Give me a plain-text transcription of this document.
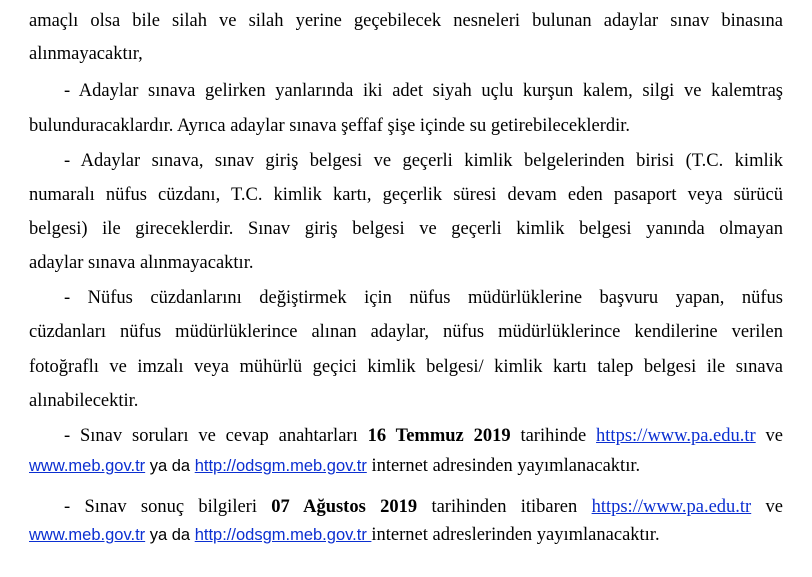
amaçlı olsa bile silah ve silah yerine geçebilecek nesneleri bulunan adaylar sınav binasına
alınmayacaktır,
- Adaylar sınava gelirken yanlarında iki adet siyah uçlu kurşun kalem, silgi ve kalemtraş
bulunduracaklardır. Ayrıca adaylar sınava şeffaf şişe içinde su getirebileceklerdir.
- Adaylar sınava, sınav giriş belgesi ve geçerli kimlik belgelerinden birisi (T.C. kimlik
numaralı nüfus cüzdanı, T.C. kimlik kartı, geçerlik süresi devam eden pasaport veya sürücü
belgesi) ile gireceklerdir. Sınav giriş belgesi ve geçerli kimlik belgesi yanında olmayan
adaylar sınava alınmayacaktır.
- Nüfus cüzdanlarını değiştirmek için nüfus müdürlüklerine başvuru yapan, nüfus
cüzdanları nüfus müdürlüklerince alınan adaylar, nüfus müdürlüklerince kendilerine verilen
fotoğraflı ve imzalı veya mühürlü geçici kimlik belgesi/ kimlik kartı talep belgesi ile sınava
alınabilecektir.
- Sınav soruları ve cevap anahtarları 16 Temmuz 2019 tarihinde https://www.pa.edu.tr ve
www.meb.gov.tr ya da http://odsgm.meb.gov.tr internet adresinden yayımlanacaktır.
- Sınav sonuç bilgileri 07 Ağustos 2019 tarihinden itibaren https://www.pa.edu.tr ve
www.meb.gov.tr ya da http://odsgm.meb.gov.tr internet adreslerinden yayımlanacaktır.
